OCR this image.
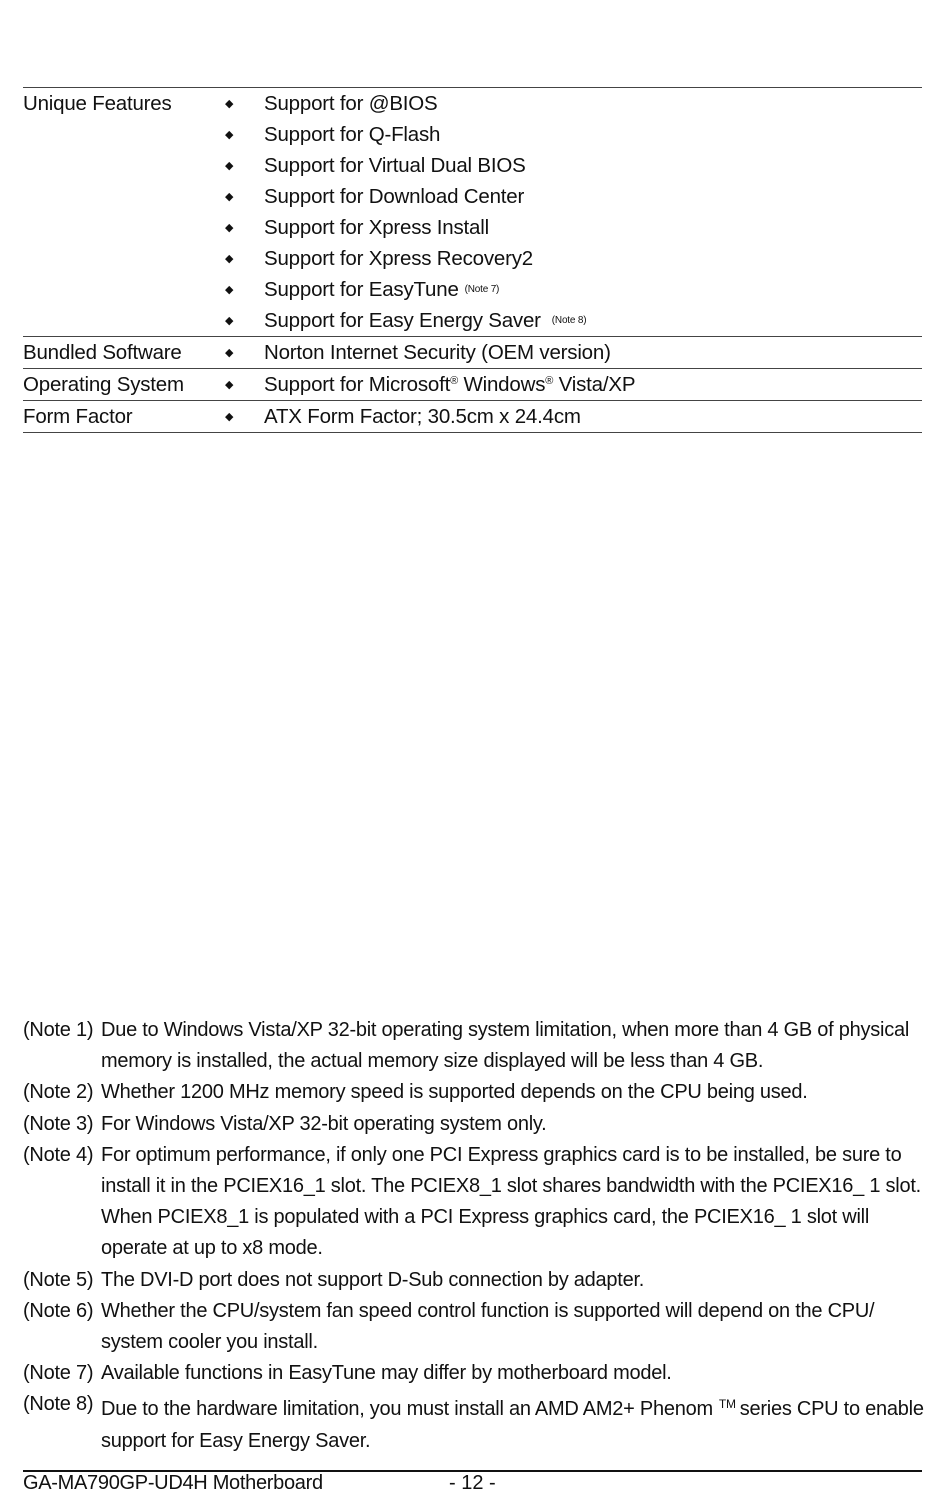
Unique Features	◆	Support for @BIOS
◆	Support for Q-Flash
◆	Support for Virtual Dual BIOS
◆	Support for Download Center
◆	Support for Xpress Install
◆	Support for Xpress Recovery2
◆	Support for EasyTune (Note 7)
◆	Support for Easy Energy Saver (Note 8)
Bundled Software	◆	Norton Internet Security (OEM version)
Operating System	◆	Support for Microsoft® Windows® Vista/XP
Form Factor	◆	ATX Form Factor; 30.5cm x 24.4cm
(Note 1) Due to Windows Vista/XP 32-bit operating system limitation, when more than 4 GB of physical memory is installed, the actual memory size displayed will be less than 4 GB.
(Note 2) Whether 1200 MHz memory speed is supported depends on the CPU being used.
(Note 3) For Windows Vista/XP 32-bit operating system only.
(Note 4) For optimum performance, if only one PCI Express graphics card is to be installed, be sure to install it in the PCIEX16_1 slot. The PCIEX8_1 slot shares bandwidth with the PCIEX16_ 1 slot. When PCIEX8_1 is populated with a PCI Express graphics card, the PCIEX16_ 1 slot will operate at up to x8 mode.
(Note 5) The DVI-D port does not support D-Sub connection by adapter.
(Note 6) Whether the CPU/system fan speed control function is supported will depend on the CPU/ system cooler you install.
(Note 7) Available functions in EasyTune may differ by motherboard model.
(Note 8) Due to the hardware limitation, you must install an AMD AM2+ Phenom ™ series CPU to enable support for Easy Energy Saver.
GA-MA790GP-UD4H Motherboard	- 12 -
